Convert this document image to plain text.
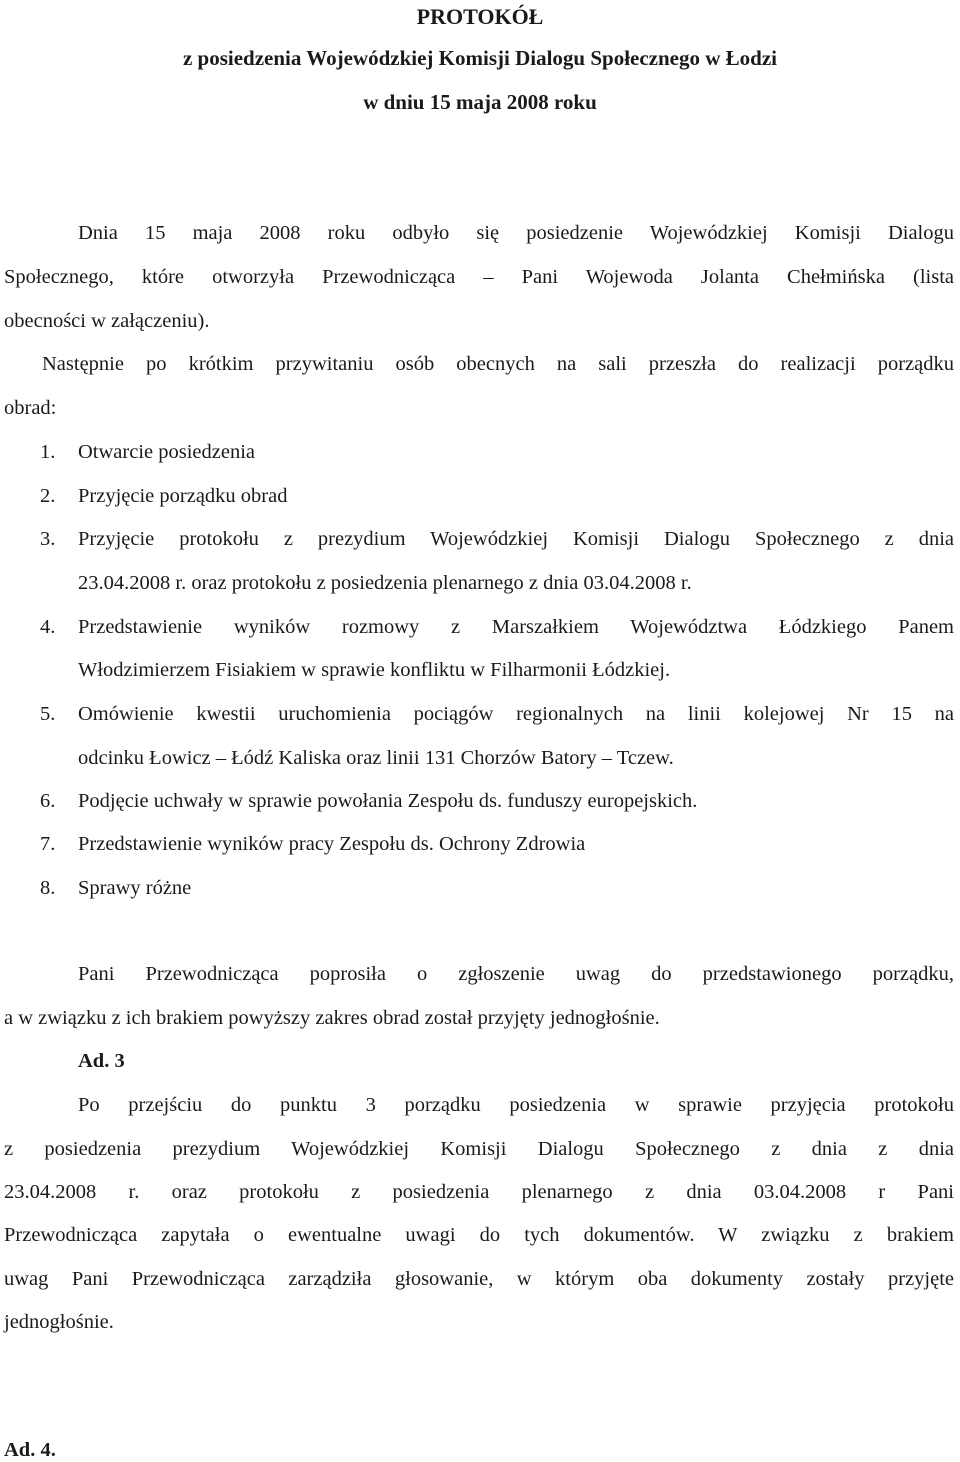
PROTOKÓŁ
z posiedzenia Wojewódzkiej Komisji Dialogu Społecznego w Łodzi
w dniu 15 maja 2008 roku
Dnia 15 maja 2008 roku odbyło się posiedzenie Wojewódzkiej Komisji Dialogu
Społecznego, które otworzyła Przewodnicząca – Pani Wojewoda Jolanta Chełmińska (lista
obecności w załączeniu).
Następnie po krótkim przywitaniu osób obecnych na sali przeszła do realizacji porządku
obrad:
1. Otwarcie posiedzenia
2. Przyjęcie porządku obrad
3.	Przyjęcie protokołu z prezydium Wojewódzkiej Komisji Dialogu Społecznego z dnia
23.04.2008 r. oraz protokołu z posiedzenia plenarnego z dnia 03.04.2008 r.
4.	Przedstawienie wyników rozmowy z Marszałkiem Województwa Łódzkiego Panem
Włodzimierzem Fisiakiem w sprawie konfliktu w Filharmonii Łódzkiej.
5.	Omówienie kwestii uruchomienia pociągów regionalnych na linii kolejowej Nr 15 na
odcinku Łowicz – Łódź Kaliska oraz linii 131 Chorzów Batory – Tczew.
6. Podjęcie uchwały w sprawie powołania Zespołu ds. funduszy europejskich.
7. Przedstawienie wyników pracy Zespołu ds. Ochrony Zdrowia
8. Sprawy różne
Pani Przewodnicząca poprosiła o zgłoszenie uwag do przedstawionego porządku,
a w związku z ich brakiem powyższy zakres obrad został przyjęty jednogłośnie.
Ad. 3
Po przejściu do punktu 3 porządku posiedzenia w sprawie przyjęcia protokołu
z posiedzenia prezydium Wojewódzkiej Komisji Dialogu Społecznego z dnia z dnia
23.04.2008 r. oraz protokołu z posiedzenia plenarnego z dnia 03.04.2008 r Pani
Przewodnicząca zapytała o ewentualne uwagi do tych dokumentów. W związku z brakiem
uwag Pani Przewodnicząca zarządziła głosowanie, w którym oba dokumenty zostały przyjęte
jednogłośnie.
Ad. 4.
